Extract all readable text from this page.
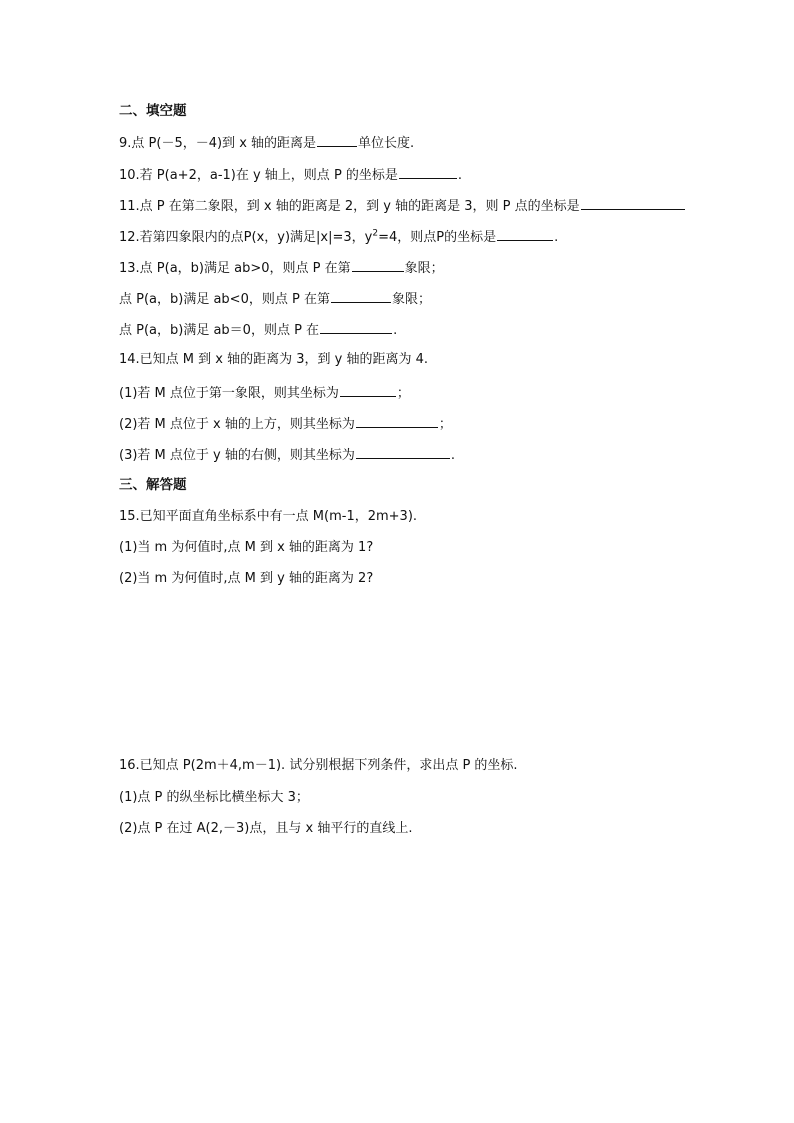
二、填空题
9.点 P(－5，－4)到 x 轴的距离是	单位长度.
10.若 P(a+2，a-1)在 y 轴上，则点 P 的坐标是	.
11.点 P 在第二象限，到 x 轴的距离是 2，到 y 轴的距离是 3，则 P 点的坐标是
12.若第四象限内的点P(x，y)满足|x|=3，$y^2=4$，则点P的坐标是	.
13.点 P(a，b)满足 ab>0，则点 P 在第	象限；
点 P(a，b)满足 ab<0，则点 P 在第	象限；
点 P(a，b)满足 ab＝0，则点 P 在	.
14.已知点 M 到 x 轴的距离为 3，到 y 轴的距离为 4.
(1)若 M 点位于第一象限，则其坐标为	；
(2)若 M 点位于 x 轴的上方，则其坐标为	；
(3)若 M 点位于 y 轴的右侧，则其坐标为	.
三、解答题
15.已知平面直角坐标系中有一点 M(m-1，2m+3).
(1)当 m 为何值时,点 M 到 x 轴的距离为 1?
(2)当 m 为何值时,点 M 到 y 轴的距离为 2?
16.已知点 P(2m＋4,m－1). 试分别根据下列条件，求出点 P 的坐标.
(1)点 P 的纵坐标比横坐标大 3；
(2)点 P 在过 A(2,－3)点，且与 x 轴平行的直线上.
